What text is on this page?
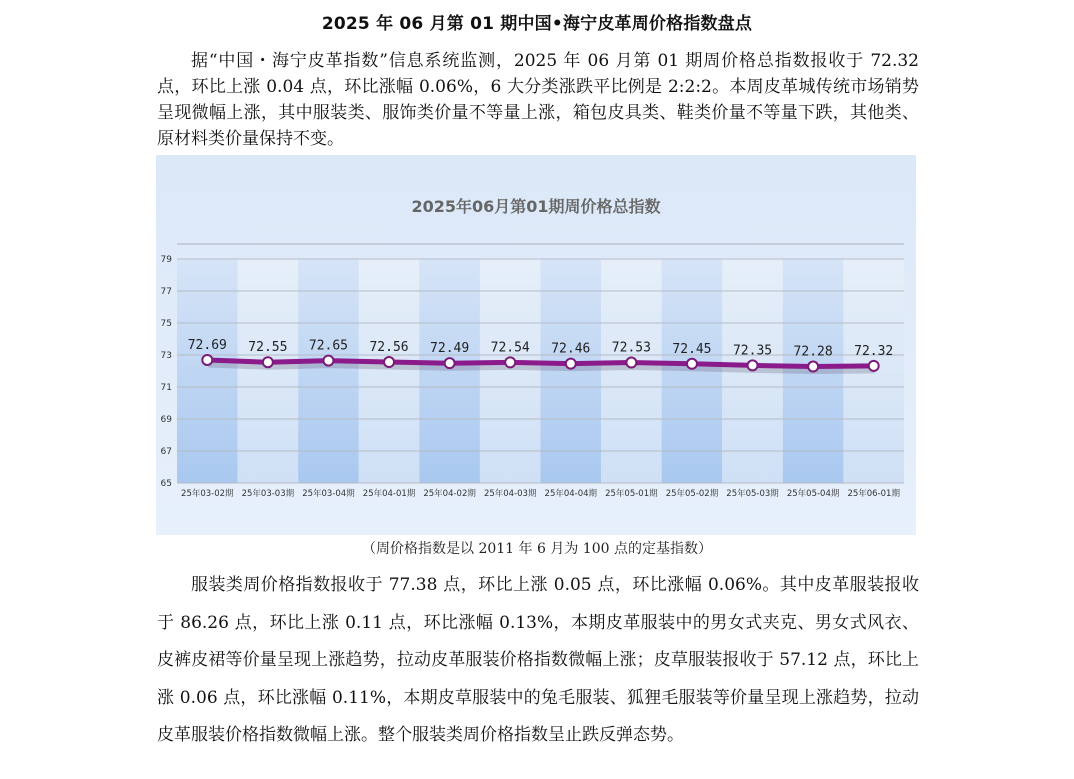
2025 年 06 月第 01 期中国•海宁皮革周价格指数盘点

据“中国・海宁皮革指数”信息系统监测，2025 年 06 月第 01 期周价格总指数报收于 72.32 点，环比上涨 0.04 点，环比涨幅 0.06%，6 大分类涨跌平比例是 2:2:2。本周皮革城传统市场销势呈现微幅上涨，其中服装类、服饰类价量不等量上涨，箱包皮具类、鞋类价量不等量下跌，其他类、原材料类价量保持不变。

65
67
69
71
73
75
77
79
2025年06月第01期周价格总指数
25年03-02期 25年03-03期 25年03-04期 25年04-01期 25年04-02期 25年04-03期 25年04-04期 25年05-01期 25年05-02期 25年05-03期 25年05-04期 25年06-01期
72.69 72.55 72.65 72.56 72.49 72.54 72.46 72.53 72.45 72.35 72.28 72.32
（周价格指数是以 2011 年 6 月为 100 点的定基指数）

服装类周价格指数报收于 77.38 点，环比上涨 0.05 点，环比涨幅 0.06%。其中皮革服装报收于 86.26 点，环比上涨 0.11 点，环比涨幅 0.13%，本期皮革服装中的男女式夹克、男女式风衣、皮裤皮裙等价量呈现上涨趋势，拉动皮革服装价格指数微幅上涨；皮草服装报收于 57.12 点，环比上涨 0.06 点，环比涨幅 0.11%，本期皮草服装中的兔毛服装、狐狸毛服装等价量呈现上涨趋势，拉动皮革服装价格指数微幅上涨。整个服装类周价格指数呈止跌反弹态势。
